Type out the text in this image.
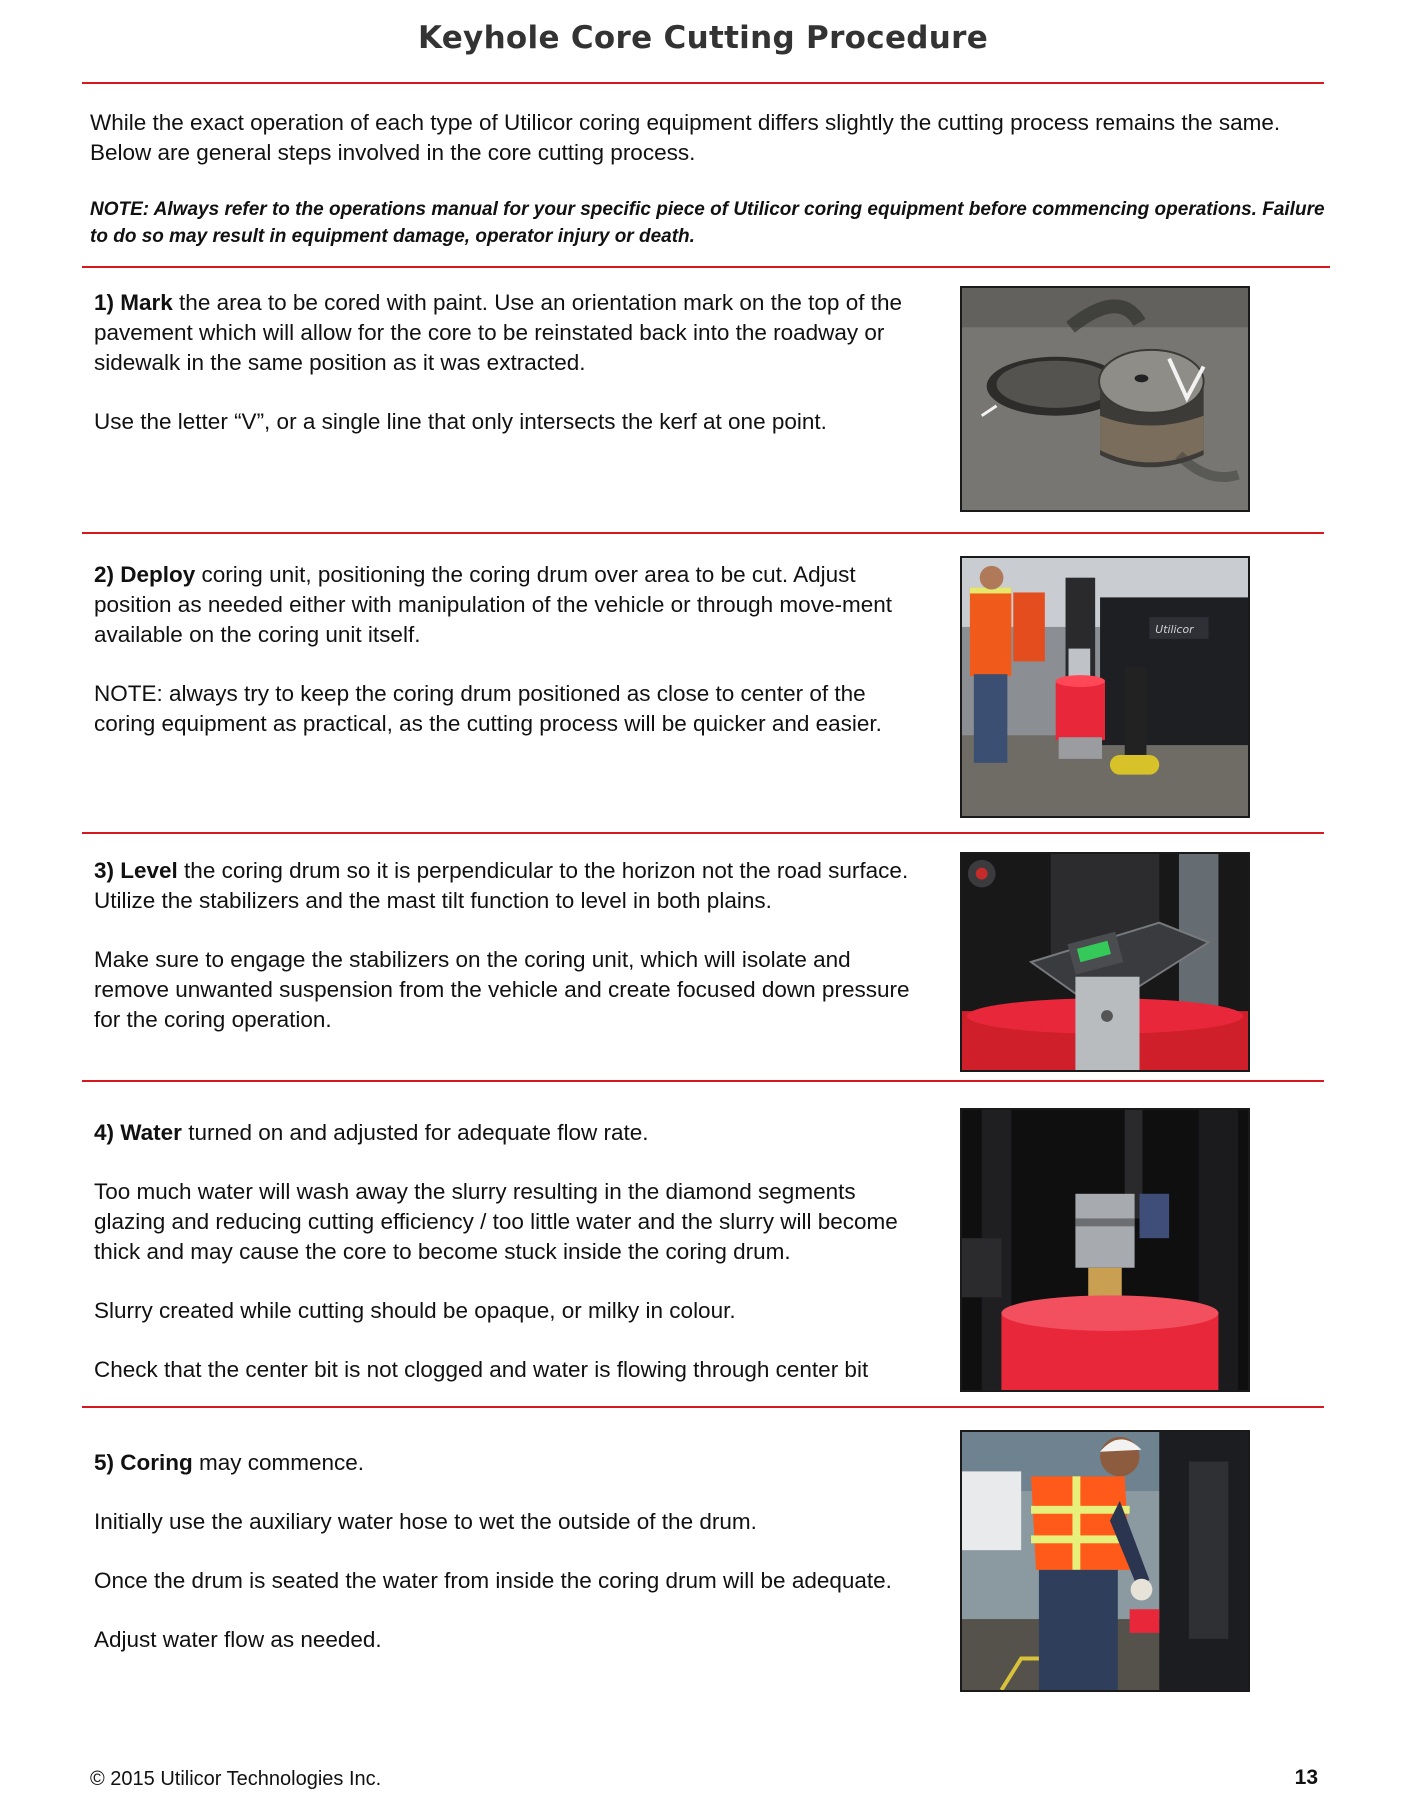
Keyhole Core Cutting Procedure

While the exact operation of each type of Utilicor coring equipment differs slightly the cutting process remains the same. Below are general steps involved in the core cutting process.

NOTE: Always refer to the operations manual for your specific piece of Utilicor coring equipment before commencing operations. Failure to do so may result in equipment damage, operator injury or death.

1) Mark the area to be cored with paint. Use an orientation mark on the top of the pavement which will allow for the core to be reinstated back into the roadway or sidewalk in the same position as it was extracted.

Use the letter “V”, or a single line that only intersects the kerf at one point.

2) Deploy coring unit, positioning the coring drum over area to be cut. Adjust position as needed either with manipulation of the vehicle or through move-ment available on the coring unit itself.

NOTE: always try to keep the coring drum positioned as close to center of the coring equipment as practical, as the cutting process will be quicker and easier.

Utilicor

3) Level the coring drum so it is perpendicular to the horizon not the road surface. Utilize the stabilizers and the mast tilt function to level in both plains.

Make sure to engage the stabilizers on the coring unit, which will isolate and remove unwanted suspension from the vehicle and create focused down pressure for the coring operation.

4) Water turned on and adjusted for adequate flow rate.

Too much water will wash away the slurry resulting in the diamond segments glazing and reducing cutting efficiency / too little water and the slurry will become thick and may cause the core to become stuck inside the coring drum.

Slurry created while cutting should be opaque, or milky in colour.

Check that the center bit is not clogged and water is flowing through center bit

5) Coring may commence.

Initially use the auxiliary water hose to wet the outside of the drum.

Once the drum is seated the water from inside the coring drum will be adequate.

Adjust water flow as needed.

© 2015 Utilicor Technologies Inc.	13
